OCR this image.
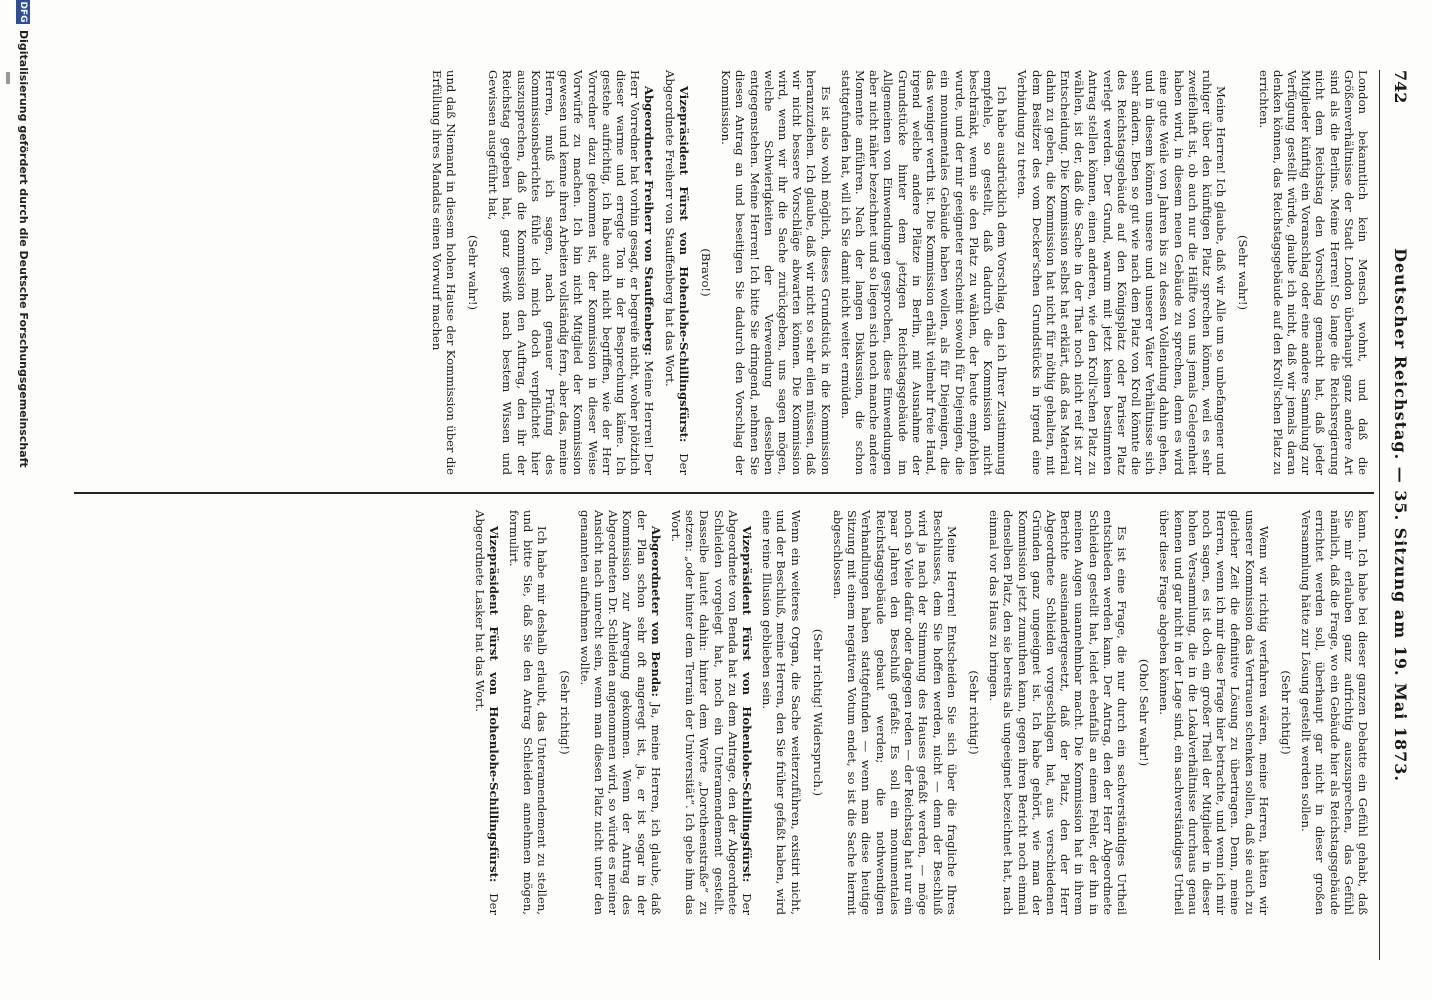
742
Deutscher Reichstag. — 35. Sitzung am 19. Mai 1873.

London bekanntlich kein Mensch wohnt, und daß die Größenverhältnisse der Stadt London überhaupt ganz andere Art sind als die Berlins. Meine Herren! So lange die Reichsregierung nicht dem Reichstag den Vorschlag gemacht hat, daß jeder Mitglieder künftig ein Voranschlag oder eine andere Sammlung zur Verfügung gestellt würde, glaube ich nicht, daß wir jemals daran denken können, das Reichstagsgebäude auf den Kroll'schen Platz zu errichten.

(Sehr wahr!)

Meine Herren! Ich glaube, daß wir Alle um so unbefangener und ruhiger über den künftigen Platz sprechen können, weil es sehr zweifelhaft ist, ob auch nur die Hälfte von uns jemals Gelegenheit haben wird, in diesem neuen Gebäude zu sprechen, denn es wird eine gute Weile von Jahren bis zu dessen Vollendung dahin gehen, und in diesem können unsere und unserer Väter Verhältnisse sich sehr ändern. Eben so gut wie nach dem Platz von Kroll könnte die des Reichstagsgebäude auf den Königsplatz oder Pariser Platz verlegt werden. Der Grund, warum mit jetzt keinen bestimmten Antrag stellen können, einen anderen, wie den Kroll'schen Platz zu wählen, ist der, daß die Sache in der That noch nicht reif ist zur Entscheidung. Die Kommission selbst hat erklärt, daß das Material dahin zu geben, die Kommission hat nicht für nöthig gehalten, mit dem Besitzer des vom Decker'schen Grundstücks in irgend eine Verbindung zu treten.

Ich habe ausdrücklich dem Vorschlag, den ich Ihrer Zustimmung empfehle, so gestellt, daß dadurch die Kommission nicht beschränkt, wenn sie den Platz zu wählen, der heute empfohlen wurde, und der mir geeigneter erscheint sowohl für Diejenigen, die ein monumentales Gebäude haben wollen, als für Diejenigen, die das weniger werth ist. Die Kommission erhält vielmehr freie Hand, irgend welche andere Plätze in Berlin, mit Ausnahme der Grundstücke hinter dem jetzigen Reichstagsgebäude im Allgemeinen von Einwendungen gesprochen, diese Einwendungen aber nicht näher bezeichnet und so liegen sich noch manche andere Momente anführen. Nach der langen Diskussion, die schon stattgefunden hat, will ich Sie damit nicht weiter ermüden.

Es ist also wohl möglich, dieses Grundstück in die Kommission heranzuziehen. Ich glaube, daß wir nicht so sehr eilen müssen, daß wir nicht bessere Vorschläge abwarten können. Die Kommission wird, wenn wir ihr die Sache zurückgeben, uns sagen mögen, welche Schwierigkeiten der Verwendung desselben entgegenstehen. Meine Herren! Ich bitte Sie dringend, nehmen Sie diesen Antrag an und beseitigen Sie dadurch den Vorschlag der Kommission.

(Bravo!)

Vizepräsident Fürst von Hohenlohe-Schillingsfürst: Der Abgeordnete Freiherr von Stauffenberg hat das Wort.

Abgeordneter Freiherr von Stauffenberg: Meine Herren! Der Herr Vorredner hat vorhin gesagt, er begreife nicht, woher plötzlich dieser warme und erregte Ton in der Besprechung käme. Ich gestehe aufrichtig, ich habe auch nicht begriffen, wie der Herr Vorredner dazu gekommen ist, der Kommission in dieser Weise Vorwürfe zu machen. Ich bin nicht Mitglied der Kommission gewesen und kenne ihren Arbeiten vollständig fern, aber das, meine Herren, muß ich sagen, nach genauer Prüfung des Kommissionsberichtes fühle ich mich doch verpflichtet hier auszusprechen, daß die Kommission den Auftrag, den ihr der Reichstag gegeben hat, ganz gewiß nach bestem Wissen und Gewissen ausgeführt hat,

(Sehr wahr!)

und daß Niemand in diesem hohen Hause der Kommission über die Erfüllung ihres Mandats einen Vorwurf machen

kann. Ich habe bei dieser ganzen Debatte ein Gefühl gehabt, daß Sie mir erlauben ganz aufrichtig auszusprechen, das Gefühl nämlich, daß die Frage, wo ein Gebäude hier als Reichstagsgebäude errichtet werden soll, überhaupt gar nicht in dieser großen Versammlung hätte zur Lösung gestellt werden sollen.

(Sehr richtig!)

Wenn wir richtig verfahren wären, meine Herren, hätten wir unserer Kommission das Vertrauen schenken sollen, daß sie auch zu gleicher Zeit die definitive Lösung zu übertragen. Denn, meine Herren, wenn ich mir diese Frage hier betrachte, und wenn ich mir noch sagen, es ist doch ein großer Theil der Mitglieder in dieser hohen Versammlung, die in die Lokalverhältnisse durchaus genau kennen und gar nicht in der Lage sind, ein sachverständiges Urtheil über diese Frage abgeben können.

(Oho! Sehr wahr!)

Es ist eine Frage, die nur durch ein sachverständiges Urtheil entschieden werden kann. Der Antrag, den der Herr Abgeordnete Schleiden gestellt hat, leidet ebenfalls an einem Fehler, der ihn in meinen Augen unannehmbar macht. Die Kommission hat in ihrem Berichte auseinandergesetzt, daß der Platz, den der Herr Abgeordnete Schleiden vorgeschlagen hat, aus verschiedenen Gründen ganz ungeeignet ist. Ich habe gehört, wie man der Kommission jetzt zumuthen kann, gegen ihren Bericht noch einmal denselben Platz, den sie bereits als ungeeignet bezeichnet hat, nach einmal vor das Haus zu bringen.

(Sehr richtig!)

Meine Herren! Entscheiden Sie sich über die fragliche Ihres Beschlusses, dem Sie hoffen werden, nicht — denn der Beschluß wird ja nach der Stimmung des Hauses gefaßt werden, — möge noch so Viele dafür oder dagegen reden — der Reichstag hat nur ein paar Jahren den Beschluß gefaßt: Es soll ein monumentales Reichstagsgebäude gebaut werden; die nothwendigen Verhandlungen haben stattgefunden — wenn man diese heutige Sitzung mit einem negativen Votum endet, so ist die Sache hiermit abgeschlossen.

(Sehr richtig! Widerspruch.)

Wenn ein weiteres Organ, die Sache weiterzuführen, existirt nicht, und der Beschluß, meine Herren, den Sie früher gefaßt haben, wird eine reine Illusion geblieben sein.

Vizepräsident Fürst von Hohenlohe-Schillingsfürst: Der Abgeordnete von Benda hat zu dem Antrage, den der Abgeordnete Schleiden vorgelegt hat, noch ein Unteramendement gestellt. Dasselbe lautet dahin: hinter dem Worte „Dorotheenstraße“ zu setzen: „oder hinter dem Terrain der Universität“. Ich gebe ihm das Wort.

Abgeordneter von Benda: Ja, meine Herren, ich glaube, daß der Plan schon sehr oft angeregt ist, ja, er ist sogar in der Kommission zur Anregung gekommen. Wenn der Antrag des Abgeordneten Dr. Schleiden angenommen wird, so würde es meiner Ansicht nach unrecht sein, wenn man diesen Platz nicht unter den genannten aufnehmen wollte.

(Sehr richtig!)

Ich habe mir deshalb erlaubt, das Unteramendement zu stellen, und bitte Sie, daß Sie den Antrag Schleiden annehmen mögen, formulirt.

Vizepräsident Fürst von Hohenlohe-Schillingsfürst: Der Abgeordnete Lasker hat das Wort.

DFG
Digitalisierung gefördert durch die Deutsche Forschungsgemeinschaft
